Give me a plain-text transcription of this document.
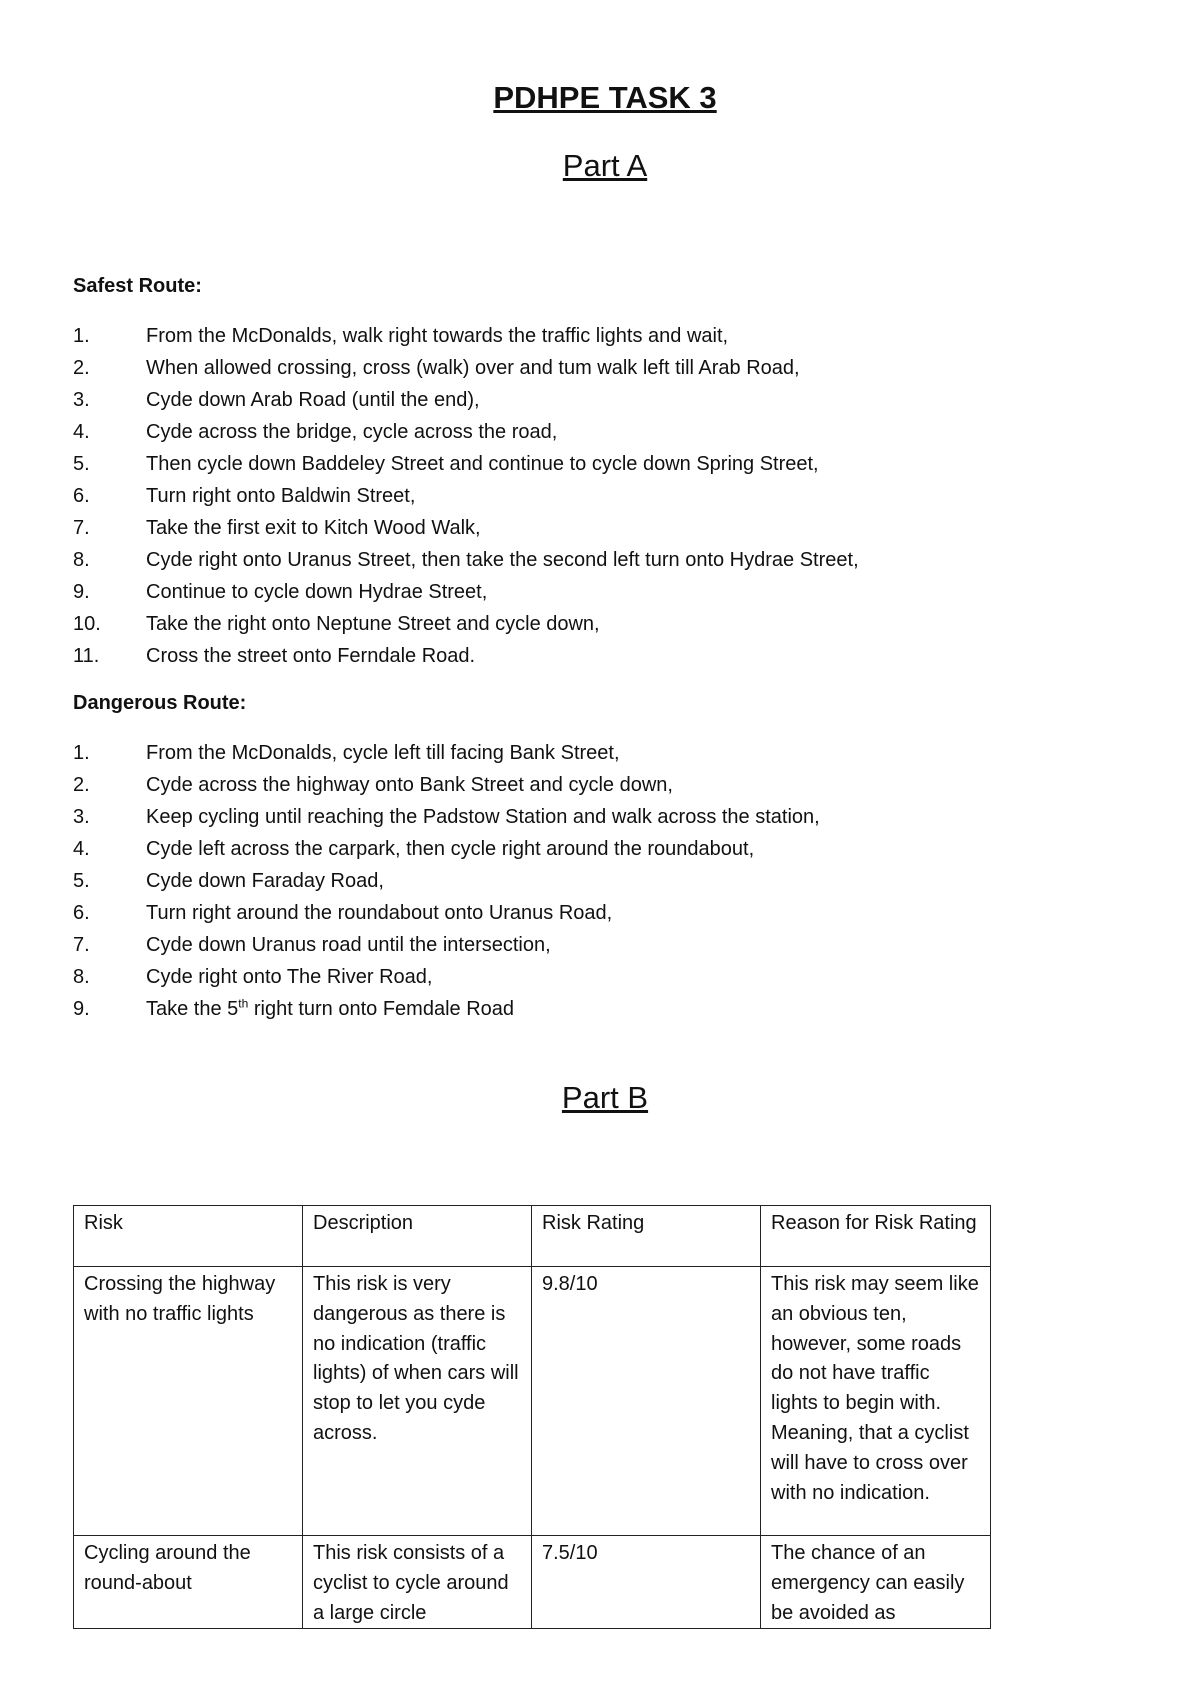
PDHPE TASK 3
Part A
Safest Route:
1.	From the McDonalds, walk right towards the traffic lights and wait,
2.	When allowed crossing, cross (walk) over and tum walk left till Arab Road,
3.	Cyde down Arab Road (until the end),
4.	Cyde across the bridge, cycle across the road,
5.	Then cycle down Baddeley Street and continue to cycle down Spring Street,
6.	Turn right onto Baldwin Street,
7.	Take the first exit to Kitch Wood Walk,
8.	Cyde right onto Uranus Street, then take the second left turn onto Hydrae Street,
9.	Continue to cycle down Hydrae Street,
10. Take the right onto Neptune Street and cycle down,
11. Cross the street onto Ferndale Road.
Dangerous Route:
1.	From the McDonalds, cycle left till facing Bank Street,
2.	Cyde across the highway onto Bank Street and cycle down,
3.	Keep cycling until reaching the Padstow Station and walk across the station,
4.	Cyde left across the carpark, then cycle right around the roundabout,
5.	Cyde down Faraday Road,
6.	Turn right around the roundabout onto Uranus Road,
7.	Cyde down Uranus road until the intersection,
8.	Cyde right onto The River Road,
9.	Take the 5th right turn onto Femdale Road
Part B
Risk	Description	Risk Rating	Reason for Risk Rating
Crossing the highway with no traffic lights	This risk is very dangerous as there is no indication (traffic lights) of when cars will stop to let you cyde across.	9.8/10	This risk may seem like an obvious ten, however, some roads do not have traffic lights to begin with. Meaning, that a cyclist will have to cross over with no indication.
Cycling around the round-about	This risk consists of a cyclist to cycle around a large circle	7.5/10	The chance of an emergency can easily be avoided as
